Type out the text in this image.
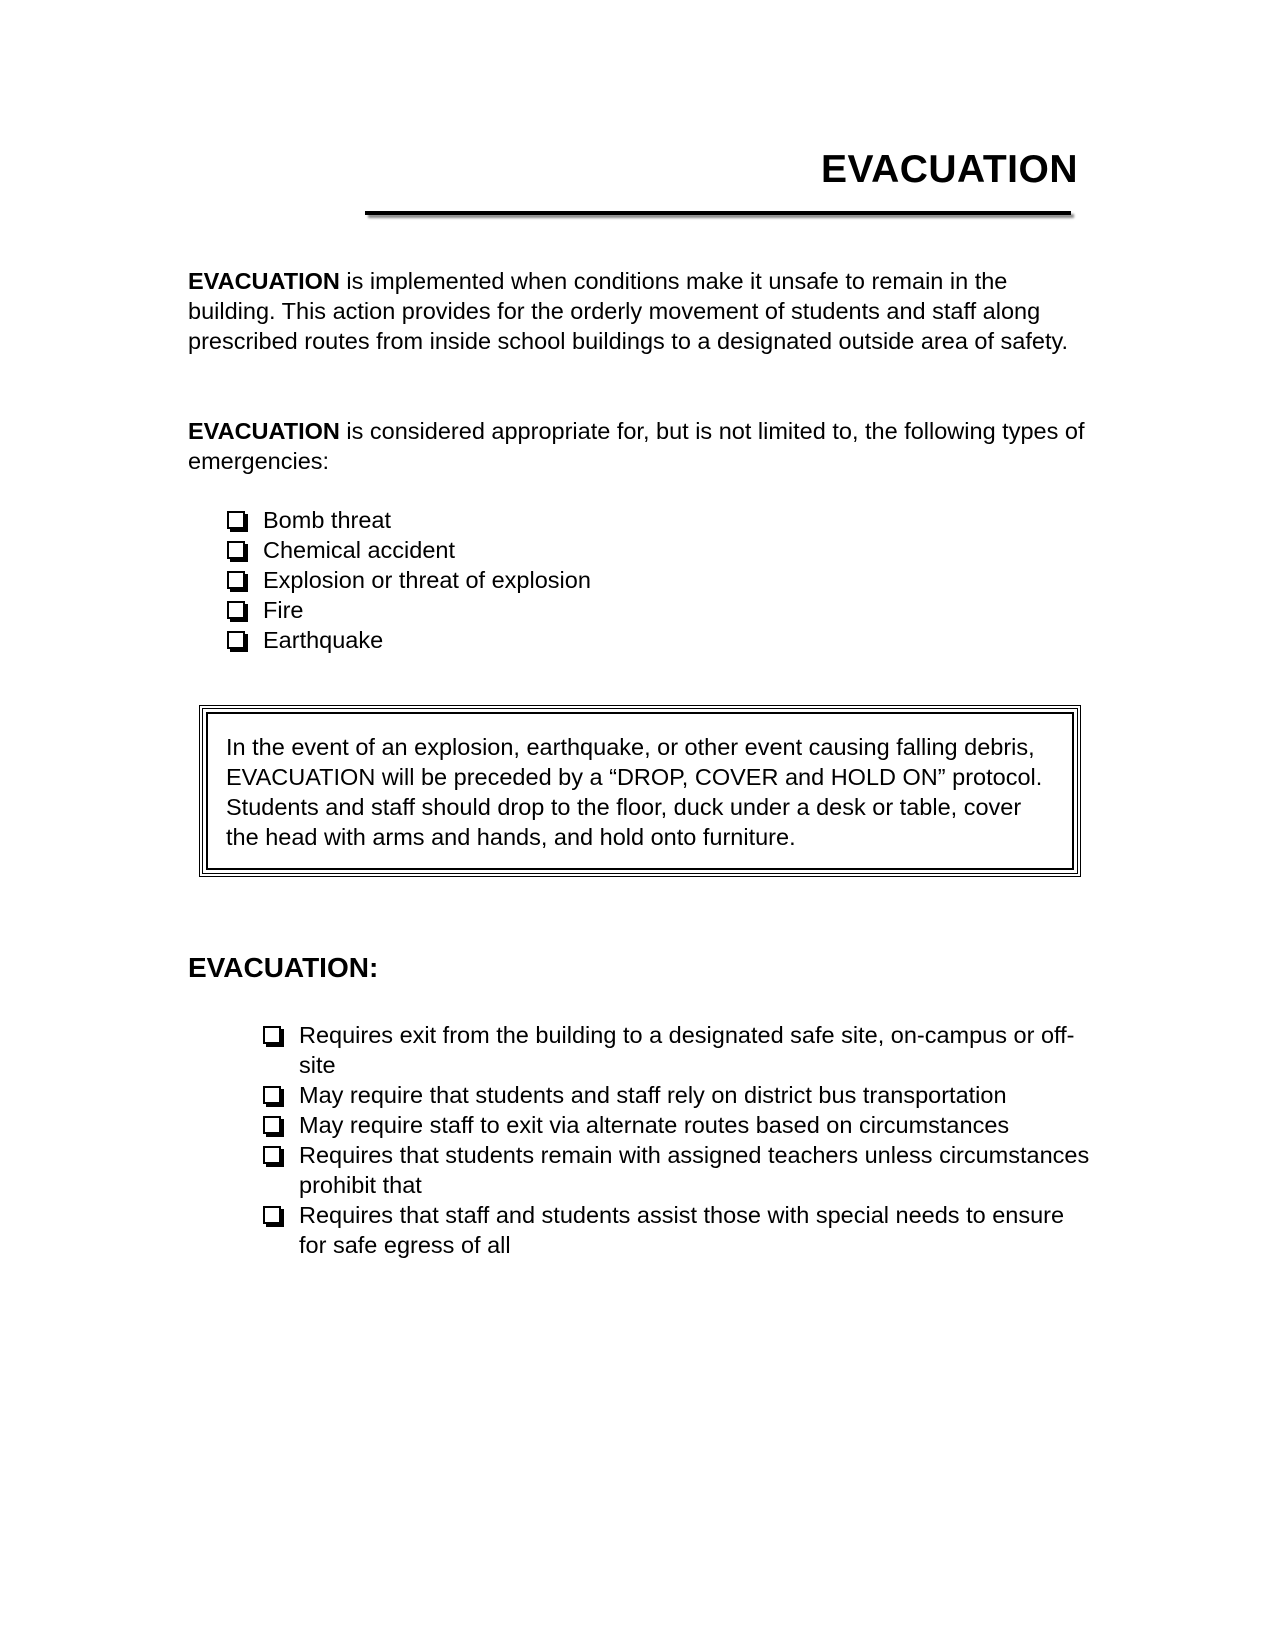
EVACUATION

EVACUATION is implemented when conditions make it unsafe to remain in the building. This action provides for the orderly movement of students and staff along prescribed routes from inside school buildings to a designated outside area of safety.

EVACUATION is considered appropriate for, but is not limited to, the following types of emergencies:

Bomb threat
Chemical accident
Explosion or threat of explosion
Fire
Earthquake

In the event of an explosion, earthquake, or other event causing falling debris, EVACUATION will be preceded by a “DROP, COVER and HOLD ON” protocol. Students and staff should drop to the floor, duck under a desk or table, cover the head with arms and hands, and hold onto furniture.

EVACUATION:
Requires exit from the building to a designated safe site, on-campus or off-site
May require that students and staff rely on district bus transportation
May require staff to exit via alternate routes based on circumstances
Requires that students remain with assigned teachers unless circumstances prohibit that
Requires that staff and students assist those with special needs to ensure for safe egress of all
